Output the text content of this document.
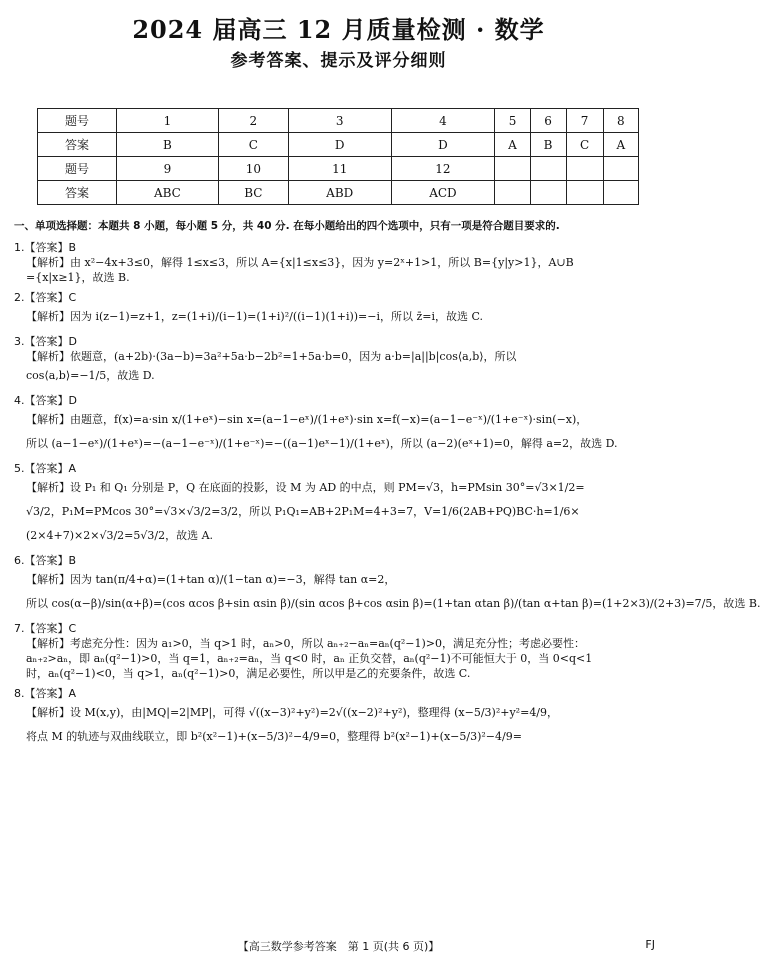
2024 届高三 12 月质量检测 · 数学
参考答案、提示及评分细则
题号	1	2	3	4	5	6	7	8
答案	B	C	D	D	A	B	C	A
题号	9	10	11	12				
答案	ABC	BC	ABD	ACD				

一、单项选择题：本题共 8 小题，每小题 5 分，共 40 分. 在每小题给出的四个选项中，只有一项是符合题目要求的.

1.【答案】B

【解析】由 x²−4x+3≤0，解得 1≤x≤3，所以 A={x|1≤x≤3}，因为 y=2ˣ+1>1，所以 B={y|y>1}，A∪B

={x|x≥1}，故选 B.

2.【答案】C

【解析】因为 i(z−1)=z+1，z=(1+i)/(i−1)=(1+i)²/((i−1)(1+i))=−i，所以 z̄=i，故选 C.

3.【答案】D

【解析】依题意，(a+2b)·(3a−b)=3a²+5a·b−2b²=1+5a·b=0，因为 a·b=|a||b|cos⟨a,b⟩，所以

cos⟨a,b⟩=−1/5，故选 D.

4.【答案】D

【解析】由题意，f(x)=a·sin x/(1+eˣ)−sin x=(a−1−eˣ)/(1+eˣ)·sin x=f(−x)=(a−1−e⁻ˣ)/(1+e⁻ˣ)·sin(−x)，

所以 (a−1−eˣ)/(1+eˣ)=−(a−1−e⁻ˣ)/(1+e⁻ˣ)=−((a−1)eˣ−1)/(1+eˣ)，所以 (a−2)(eˣ+1)=0，解得 a=2，故选 D.

5.【答案】A

【解析】设 P₁ 和 Q₁ 分别是 P，Q 在底面的投影，设 M 为 AD 的中点，则 PM=√3，h=PMsin 30°=√3×1/2=

√3/2，P₁M=PMcos 30°=√3×√3/2=3/2，所以 P₁Q₁=AB+2P₁M=4+3=7，V=1/6(2AB+PQ)BC·h=1/6×

(2×4+7)×2×√3/2=5√3/2，故选 A.

6.【答案】B

【解析】因为 tan(π/4+α)=(1+tan α)/(1−tan α)=−3，解得 tan α=2，

所以 cos(α−β)/sin(α+β)=(cos αcos β+sin αsin β)/(sin αcos β+cos αsin β)=(1+tan αtan β)/(tan α+tan β)=(1+2×3)/(2+3)=7/5，故选 B.

7.【答案】C

【解析】考虑充分性：因为 a₁>0，当 q>1 时，aₙ>0，所以 aₙ₊₂−aₙ=aₙ(q²−1)>0，满足充分性；考虑必要性：

aₙ₊₂>aₙ，即 aₙ(q²−1)>0，当 q=1，aₙ₊₂=aₙ，当 q<0 时，aₙ 正负交替，aₙ(q²−1)不可能恒大于 0，当 0<q<1

时，aₙ(q²−1)<0，当 q>1，aₙ(q²−1)>0，满足必要性，所以甲是乙的充要条件，故选 C.

8.【答案】A

【解析】设 M(x,y)，由|MQ|=2|MP|，可得 √((x−3)²+y²)=2√((x−2)²+y²)，整理得 (x−5/3)²+y²=4/9，

将点 M 的轨迹与双曲线联立，即 b²(x²−1)+(x−5/3)²−4/9=0，整理得 b²(x²−1)+(x−5/3)²−4/9=

【高三数学参考答案　第 1 页(共 6 页)】	FJ
